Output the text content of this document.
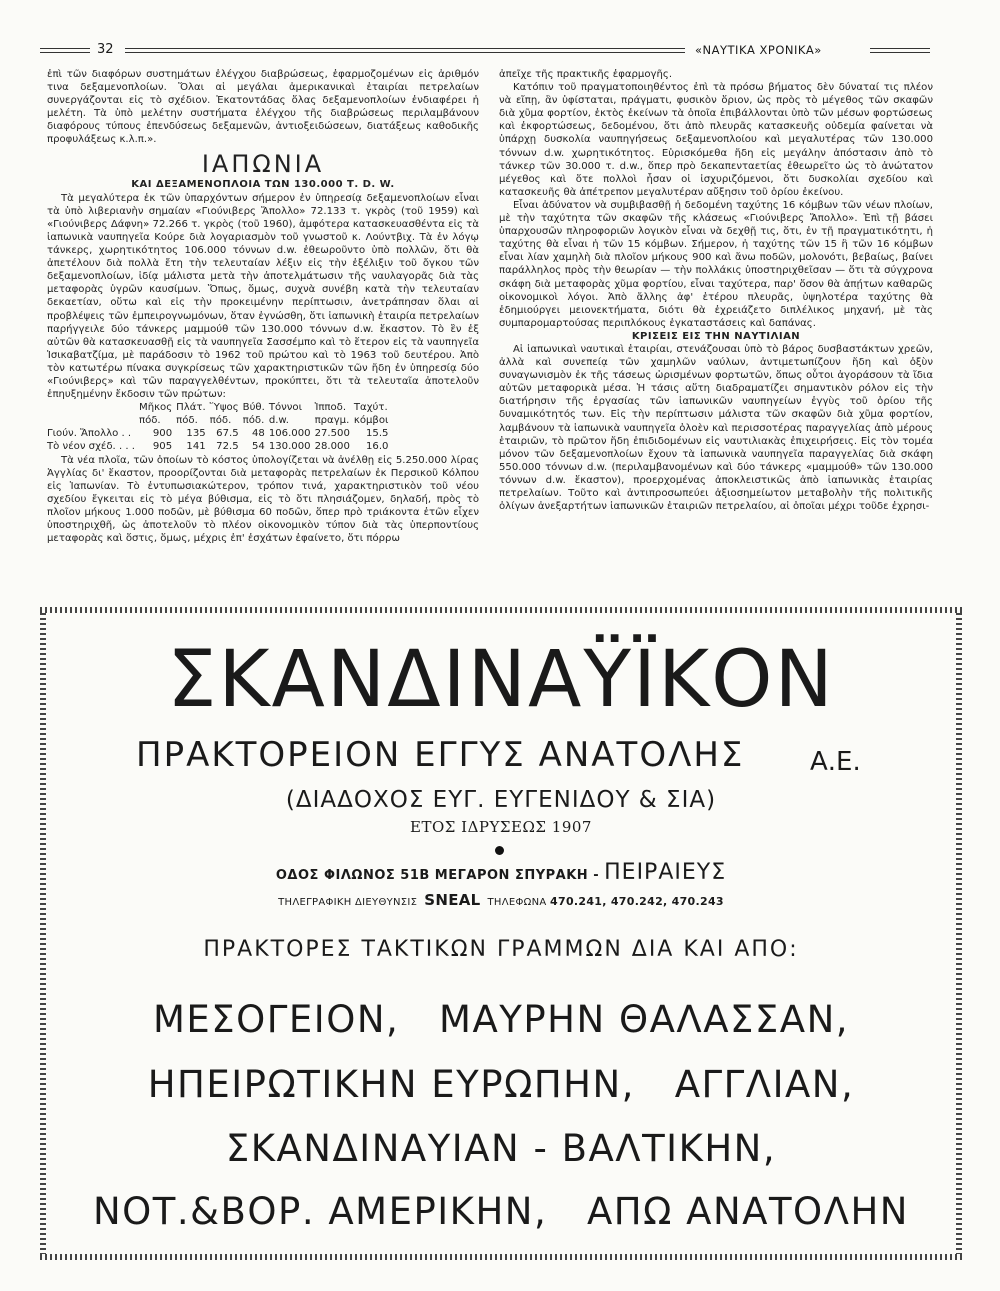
32	«ΝΑΥΤΙΚΑ ΧΡΟΝΙΚΑ»

ἐπὶ τῶν διαφόρων συστημάτων ἐλέγχου διαβρώσεως, ἐφαρμοζομένων εἰς ἀριθμόν τινα δεξαμενοπλοίων. Ὅλαι αἱ μεγάλαι ἀμερικανικαὶ ἑταιρίαι πετρελαίων συνεργάζονται εἰς τὸ σχέδιον. Ἑκατοντάδας ὅλας δεξαμενοπλοίων ἐνδιαφέρει ἡ μελέτη. Τὰ ὑπὸ μελέτην συστήματα ἐλέγχου τῆς διαβρώσεως περιλαμβάνουν διαφόρους τύπους ἐπενδύσεως δεξαμενῶν, ἀντιοξειδώσεων, διατάξεως καθοδικῆς προφυλάξεως κ.λ.π.».

ΙΑΠΩΝΙΑ
ΚΑΙ ΔΕΞΑΜΕΝΟΠΛΟΙΑ ΤΩΝ 130.000 Τ. D. W.

Τὰ μεγαλύτερα ἐκ τῶν ὑπαρχόντων σήμερον ἐν ὑπηρεσίᾳ δεξαμενοπλοίων εἶναι τὰ ὑπὸ λιβεριανὴν σημαίαν «Γιούνιβερς Ἄπολλο» 72.133 τ. γκρὸς (τοῦ 1959) καὶ «Γιούνιβερς Δάφνη» 72.266 τ. γκρὸς (τοῦ 1960), ἀμφότερα κατασκευασθέντα εἰς τὰ ἰαπωνικὰ ναυπηγεῖα Κούρε διὰ λογαριασμὸν τοῦ γνωστοῦ κ. Λούντβιχ. Τὰ ἐν λόγῳ τάνκερς, χωρητικότητος 106.000 τόννων d.w. ἐθεωροῦντο ὑπὸ πολλῶν, ὅτι θὰ ἀπετέλουν διὰ πολλὰ ἔτη τὴν τελευταίαν λέξιν εἰς τὴν ἐξέλιξιν τοῦ ὄγκου τῶν δεξαμενοπλοίων, ἰδίᾳ μάλιστα μετὰ τὴν ἀποτελμάτωσιν τῆς ναυλαγορᾶς διὰ τὰς μεταφορὰς ὑγρῶν καυσίμων. Ὅπως, ὅμως, συχνὰ συνέβη κατὰ τὴν τελευταίαν δεκαετίαν, οὕτω καὶ εἰς τὴν προκειμένην περίπτωσιν, ἀνετράπησαν ὅλαι αἱ προβλέψεις τῶν ἐμπειρογνωμόνων, ὅταν ἐγνώσθη, ὅτι ἰαπωνικὴ ἑταιρία πετρελαίων παρήγγειλε δύο τάνκερς μαμμούθ τῶν 130.000 τόννων d.w. ἕκαστον. Τὸ ἓν ἐξ αὐτῶν θὰ κατασκευασθῇ εἰς τὰ ναυπηγεῖα Σασσέμπο καὶ τὸ ἕτερον εἰς τὰ ναυπηγεῖα Ἰσικαβατζίμα, μὲ παράδοσιν τὸ 1962 τοῦ πρώτου καὶ τὸ 1963 τοῦ δευτέρου. Ἀπὸ τὸν κατωτέρω πίνακα συγκρίσεως τῶν χαρακτηριστικῶν τῶν ἤδη ἐν ὑπηρεσίᾳ δύο «Γιούνιβερς» καὶ τῶν παραγγελθέντων, προκύπτει, ὅτι τὰ τελευταῖα ἀποτελοῦν ἐπηυξημένην ἔκδοσιν τῶν πρώτων:

	Μῆκος	Πλάτ.	Ὕψος	Βύθ.	Τόννοι	Ἱπποδ.	Ταχύτ.
	πόδ.	πόδ.	πόδ.	πόδ.	d.w.	πραγμ.	κόμβοι
Γιούν. Ἄπολλο . .	900	135	67.5	48	106.000	27.500	15.5
Τὸ νέον σχέδ. . . .	905	141	72.5	54	130.000	28.000	16.0

Τὰ νέα πλοῖα, τῶν ὁποίων τὸ κόστος ὑπολογίζεται νὰ ἀνέλθῃ εἰς 5.250.000 λίρας Ἀγγλίας δι' ἕκαστον, προορίζονται διὰ μεταφορὰς πετρελαίων ἐκ Περσικοῦ Κόλπου εἰς Ἰαπωνίαν. Τὸ ἐντυπωσιακώτερον, τρόπον τινά, χαρακτηριστικὸν τοῦ νέου σχεδίου ἔγκειται εἰς τὸ μέγα βύθισμα, εἰς τὸ ὅτι πλησιάζομεν, δηλαδή, πρὸς τὸ πλοῖον μήκους 1.000 ποδῶν, μὲ βύθισμα 60 ποδῶν, ὅπερ πρὸ τριάκοντα ἐτῶν εἶχεν ὑποστηριχθῆ, ὡς ἀποτελοῦν τὸ πλέον οἰκονομικὸν τύπον διὰ τὰς ὑπερποντίους μεταφορὰς καὶ ὅστις, ὅμως, μέχρις ἐπ' ἐσχάτων ἐφαίνετο, ὅτι πόρρω

ἀπεῖχε τῆς πρακτικῆς ἐφαρμογῆς.

Κατόπιν τοῦ πραγματοποιηθέντος ἐπὶ τὰ πρόσω βήματος δὲν δύναταί τις πλέον νὰ εἴπῃ, ἂν ὑφίσταται, πράγματι, φυσικὸν ὅριον, ὡς πρὸς τὸ μέγεθος τῶν σκαφῶν διὰ χῦμα φορτίον, ἐκτὸς ἐκείνων τὰ ὁποῖα ἐπιβάλλονται ὑπὸ τῶν μέσων φορτώσεως καὶ ἐκφορτώσεως, δεδομένου, ὅτι ἀπὸ πλευρᾶς κατασκευῆς οὐδεμία φαίνεται νὰ ὑπάρχῃ δυσκολία ναυπηγήσεως δεξαμενοπλοίου καὶ μεγαλυτέρας τῶν 130.000 τόννων d.w. χωρητικότητος. Εὑρισκόμεθα ἤδη εἰς μεγάλην ἀπόστασιν ἀπὸ τὸ τάνκερ τῶν 30.000 τ. d.w., ὅπερ πρὸ δεκαπενταετίας ἐθεωρεῖτο ὡς τὸ ἀνώτατον μέγεθος καὶ ὅτε πολλοὶ ἦσαν οἱ ἰσχυριζόμενοι, ὅτι δυσκολίαι σχεδίου καὶ κατασκευῆς θὰ ἀπέτρεπον μεγαλυτέραν αὔξησιν τοῦ ὁρίου ἐκείνου.

Εἶναι ἀδύνατον νὰ συμβιβασθῇ ἡ δεδομένη ταχύτης 16 κόμβων τῶν νέων πλοίων, μὲ τὴν ταχύτητα τῶν σκαφῶν τῆς κλάσεως «Γιούνιβερς Ἄπολλο». Ἐπὶ τῇ βάσει ὑπαρχουσῶν πληροφοριῶν λογικὸν εἶναι νὰ δεχθῇ τις, ὅτι, ἐν τῇ πραγματικότητι, ἡ ταχύτης θὰ εἶναι ἡ τῶν 15 κόμβων. Σήμερον, ἡ ταχύτης τῶν 15 ἢ τῶν 16 κόμβων εἶναι λίαν χαμηλὴ διὰ πλοῖον μήκους 900 καὶ ἄνω ποδῶν, μολονότι, βεβαίως, βαίνει παράλληλος πρὸς τὴν θεωρίαν — τὴν πολλάκις ὑποστηριχθεῖσαν — ὅτι τὰ σύγχρονα σκάφη διὰ μεταφορὰς χῦμα φορτίου, εἶναι ταχύτερα, παρ' ὅσον θὰ ἀπῄτων καθαρῶς οἰκονομικοὶ λόγοι. Ἀπὸ ἄλλης ἀφ' ἑτέρου πλευρᾶς, ὑψηλοτέρα ταχύτης θὰ ἐδημιούργει μειονεκτήματα, διότι θὰ ἐχρειάζετο διπλέλικος μηχανή, μὲ τὰς συμπαρομαρτούσας περιπλόκους ἐγκαταστάσεις καὶ δαπάνας.

ΚΡΙΣΕΙΣ ΕΙΣ ΤΗΝ ΝΑΥΤΙΛΙΑΝ

Αἱ ἰαπωνικαὶ ναυτικαὶ ἑταιρίαι, στενάζουσαι ὑπὸ τὸ βάρος δυσβαστάκτων χρεῶν, ἀλλὰ καὶ συνεπείᾳ τῶν χαμηλῶν ναύλων, ἀντιμετωπίζουν ἤδη καὶ ὀξὺν συναγωνισμὸν ἐκ τῆς τάσεως ὡρισμένων φορτωτῶν, ὅπως οὗτοι ἀγοράσουν τὰ ἴδια αὐτῶν μεταφορικὰ μέσα. Ἡ τάσις αὕτη διαδραματίζει σημαντικὸν ρόλον εἰς τὴν διατήρησιν τῆς ἐργασίας τῶν ἰαπωνικῶν ναυπηγείων ἐγγὺς τοῦ ὁρίου τῆς δυναμικότητός των. Εἰς τὴν περίπτωσιν μάλιστα τῶν σκαφῶν διὰ χῦμα φορτίον, λαμβάνουν τὰ ἰαπωνικὰ ναυπηγεῖα ὁλοὲν καὶ περισσοτέρας παραγγελίας ἀπὸ μέρους ἑταιριῶν, τὸ πρῶτον ἤδη ἐπιδιδομένων εἰς ναυτιλιακὰς ἐπιχειρήσεις. Εἰς τὸν τομέα μόνον τῶν δεξαμενοπλοίων ἔχουν τὰ ἰαπωνικὰ ναυπηγεῖα παραγγελίας διὰ σκάφη 550.000 τόννων d.w. (περιλαμβανομένων καὶ δύο τάνκερς «μαμμούθ» τῶν 130.000 τόννων d.w. ἕκαστον), προερχομένας ἀποκλειστικῶς ἀπὸ ἰαπωνικὰς ἑταιρίας πετρελαίων. Τοῦτο καὶ ἀντιπροσωπεύει ἀξιοσημείωτον μεταβολὴν τῆς πολιτικῆς ὀλίγων ἀνεξαρτήτων ἰαπωνικῶν ἑταιριῶν πετρελαίου, αἱ ὁποῖαι μέχρι τοῦδε ἐχρησι-

ΣΚΑΝΔΙΝΑΫΪΚΟΝ
ΠΡΑΚΤΟΡΕΙΟΝ ΕΓΓΥΣ ΑΝΑΤΟΛΗΣ	Α.Ε.
(ΔΙΑΔΟΧΟΣ ΕΥΓ. ΕΥΓΕΝΙΔΟΥ & ΣΙΑ)
ΕΤΟΣ ΙΔΡΥΣΕΩΣ 1907
ΟΔΟΣ ΦΙΛΩΝΟΣ 51Β ΜΕΓΑΡΟΝ ΣΠΥΡΑΚΗ - ΠΕΙΡΑΙΕΥΣ
ΤΗΛΕΓΡΑΦΙΚΗ ΔΙΕΥΘΥΝΣΙΣ SNEAL ΤΗΛΕΦΩΝΑ 470.241, 470.242, 470.243
ΠΡΑΚΤΟΡΕΣ ΤΑΚΤΙΚΩΝ ΓΡΑΜΜΩΝ ΔΙΑ ΚΑΙ ΑΠΟ:
ΜΕΣΟΓΕΙΟΝ,   ΜΑΥΡΗΝ ΘΑΛΑΣΣΑΝ,
ΗΠΕΙΡΩΤΙΚΗΝ ΕΥΡΩΠΗΝ,   ΑΓΓΛΙΑΝ,
ΣΚΑΝΔΙΝΑΥΙΑΝ - ΒΑΛΤΙΚΗΝ,
ΝΟΤ.&ΒΟΡ. ΑΜΕΡΙΚΗΝ,   ΑΠΩ ΑΝΑΤΟΛΗΝ
